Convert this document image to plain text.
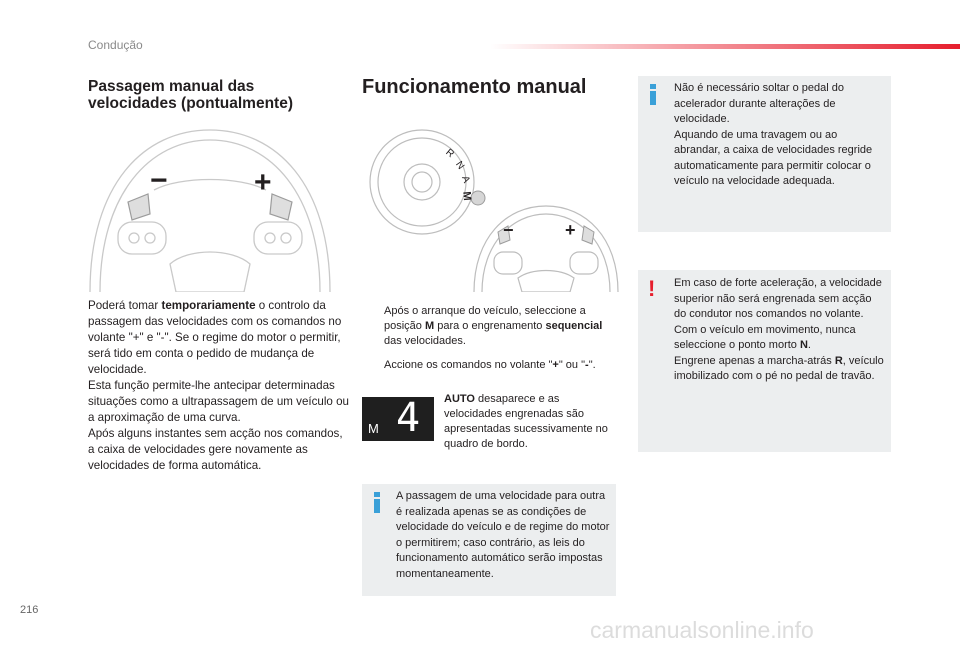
Condução
Passagem manual das velocidades (pontualmente)
−	+
Poderá tomar temporariamente o controlo da passagem das velocidades com os comandos no volante "+" e "-". Se o regime do motor o permitir, será tido em conta o pedido de mudança de velocidade.
Esta função permite-lhe antecipar determinadas situações como a ultrapassagem de um veículo ou a aproximação de uma curva.
Após alguns instantes sem acção nos comandos, a caixa de velocidades gere novamente as velocidades de forma automática.
Funcionamento manual
R
N
A
M
−	+
Após o arranque do veículo, seleccione a posição M para o engrenamento sequencial das velocidades.
Accione os comandos no volante "+" ou "-".
M 4 AUTO desaparece e as velocidades engrenadas são apresentadas sucessivamente no quadro de bordo.
A passagem de uma velocidade para outra é realizada apenas se as condições de velocidade do veículo e de regime do motor o permitirem; caso contrário, as leis do funcionamento automático serão impostas momentaneamente.
Não é necessário soltar o pedal do acelerador durante alterações de velocidade.
Aquando de uma travagem ou ao abrandar, a caixa de velocidades regride automaticamente para permitir colocar o veículo na velocidade adequada.
! Em caso de forte aceleração, a velocidade superior não será engrenada sem acção do condutor nos comandos no volante.
Com o veículo em movimento, nunca seleccione o ponto morto N.
Engrene apenas a marcha-atrás R, veículo imobilizado com o pé no pedal de travão.
216
carmanualsonline.info
